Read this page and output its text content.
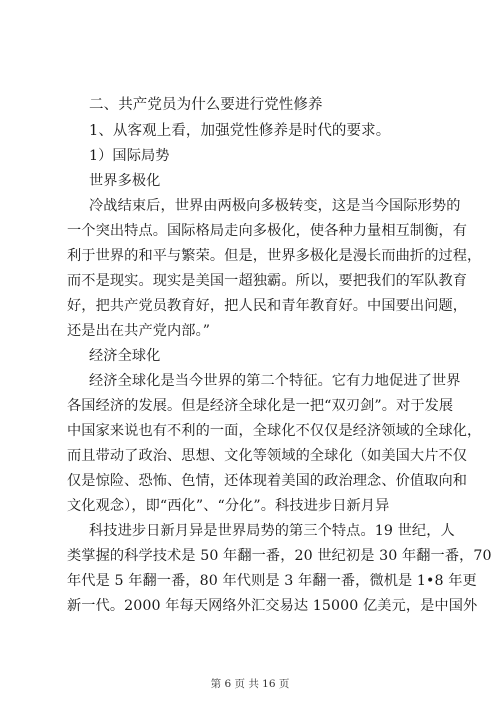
二、共产党员为什么要进行党性修养
1、从客观上看，加强党性修养是时代的要求。
1）国际局势
世界多极化
冷战结束后，世界由两极向多极转变，这是当今国际形势的
一个突出特点。国际格局走向多极化，使各种力量相互制衡，有
利于世界的和平与繁荣。但是，世界多极化是漫长而曲折的过程，
而不是现实。现实是美国一超独霸。所以，要把我们的军队教育
好，把共产党员教育好，把人民和青年教育好。中国要出问题，
还是出在共产党内部。”
经济全球化
经济全球化是当今世界的第二个特征。它有力地促进了世界
各国经济的发展。但是经济全球化是一把“双刃剑”。对于发展
中国家来说也有不利的一面，全球化不仅仅是经济领域的全球化，
而且带动了政治、思想、文化等领域的全球化（如美国大片不仅
仅是惊险、恐怖、色情，还体现着美国的政治理念、价值取向和
文化观念），即“西化”、“分化”。科技进步日新月异
科技进步日新月异是世界局势的第三个特点。19 世纪，人
类掌握的科学技术是 50 年翻一番，20 世纪初是 30 年翻一番，70
年代是 5 年翻一番，80 年代则是 3 年翻一番，微机是 1•8 年更
新一代。2000 年每天网络外汇交易达 15000 亿美元，是中国外
第 6 页 共 16 页
